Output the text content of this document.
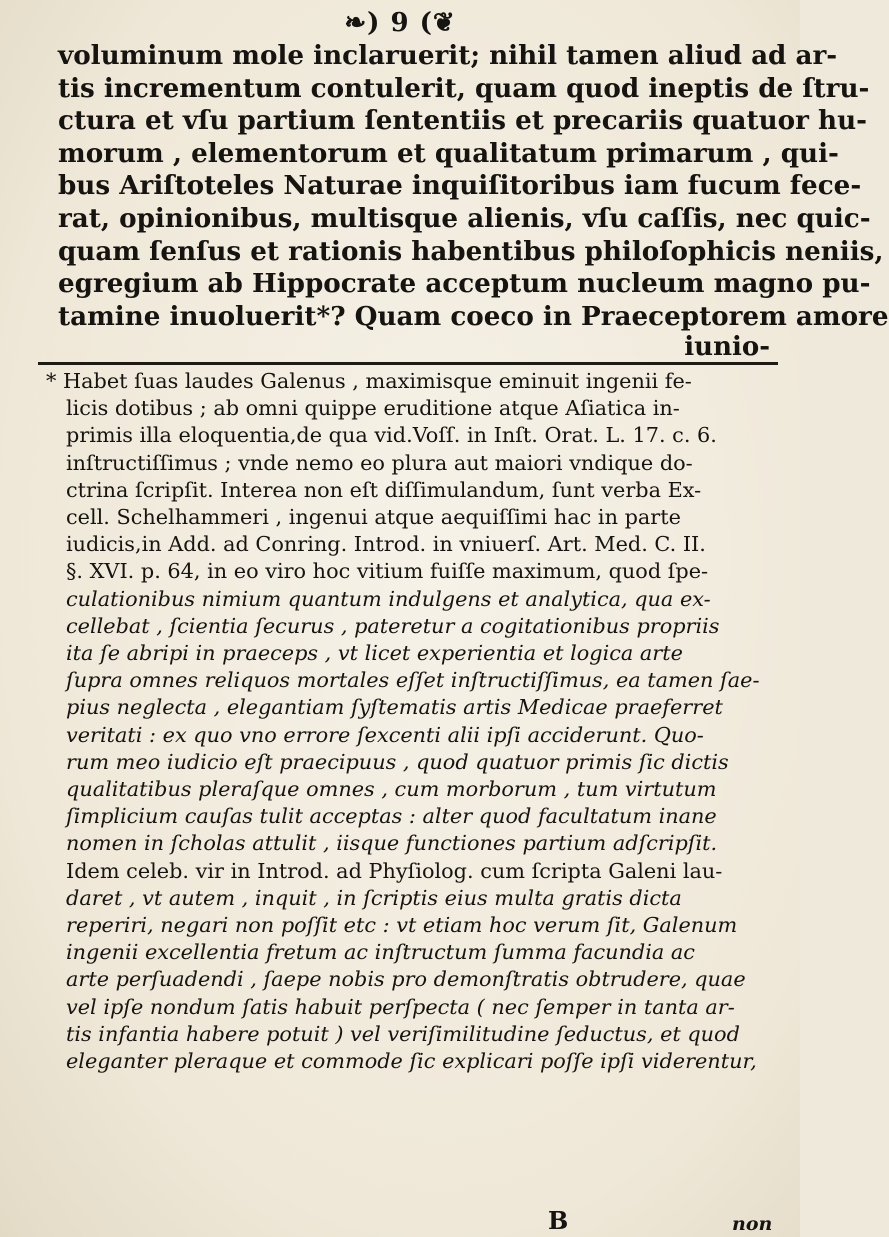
❧) 9 (❦
voluminum mole inclaruerit; nihil tamen aliud ad ar-
tis incrementum contulerit, quam quod ineptis de ſtru-
ctura et vſu partium ſententiis et precariis quatuor hu-
morum , elementorum et qualitatum primarum , qui-
bus Ariſtoteles Naturae inquiſitoribus iam fucum fece-
rat, opinionibus, multisque alienis, vſu caſſis, nec quic-
quam ſenſus et rationis habentibus philoſophicis neniis,
egregium ab Hippocrate acceptum nucleum magno pu-
tamine inuoluerit*? Quam coeco in Praeceptorem amore
iunio-
* Habet ſuas laudes Galenus , maximisque eminuit ingenii fe-
licis dotibus ; ab omni quippe eruditione atque Aſiatica in-
primis illa eloquentia,de qua vid.Voſſ. in Inſt. Orat. L. 17. c. 6.
inſtructiſſimus ; vnde nemo eo plura aut maiori vndique do-
ctrina ſcripſit. Interea non eſt diſſimulandum, ſunt verba Ex-
cell. Schelhammeri , ingenui atque aequiſſimi hac in parte
iudicis,in Add. ad Conring. Introd. in vniuerſ. Art. Med. C. II.
§. XVI. p. 64, in eo viro hoc vitium fuiſſe maximum, quod ſpe-
culationibus nimium quantum indulgens et analytica, qua ex-
cellebat , ſcientia ſecurus , pateretur a cogitationibus propriis
ita ſe abripi in praeceps , vt licet experientia et logica arte
ſupra omnes reliquos mortales eſſet inſtructiſſimus, ea tamen ſae-
pius neglecta , elegantiam ſyſtematis artis Medicae praeferret
veritati : ex quo vno errore ſexcenti alii ipſi acciderunt. Quo-
rum meo iudicio eſt praecipuus , quod quatuor primis ſic dictis
qualitatibus pleraſque omnes , cum morborum , tum virtutum
ſimplicium cauſas tulit acceptas : alter quod facultatum inane
nomen in ſcholas attulit , iisque functiones partium adſcripſit.
Idem celeb. vir in Introd. ad Phyſiolog. cum ſcripta Galeni lau-
daret , vt autem , inquit , in ſcriptis eius multa gratis dicta
reperiri, negari non poſſit etc : vt etiam hoc verum ſit, Galenum
ingenii excellentia fretum ac inſtructum ſumma facundia ac
arte perſuadendi , ſaepe nobis pro demonſtratis obtrudere, quae
vel ipſe nondum ſatis habuit perſpecta ( nec ſemper in tanta ar-
tis infantia habere potuit ) vel veriſimilitudine ſeductus, et quod
eleganter pleraque et commode ſic explicari poſſe ipſi viderentur,
B	non
